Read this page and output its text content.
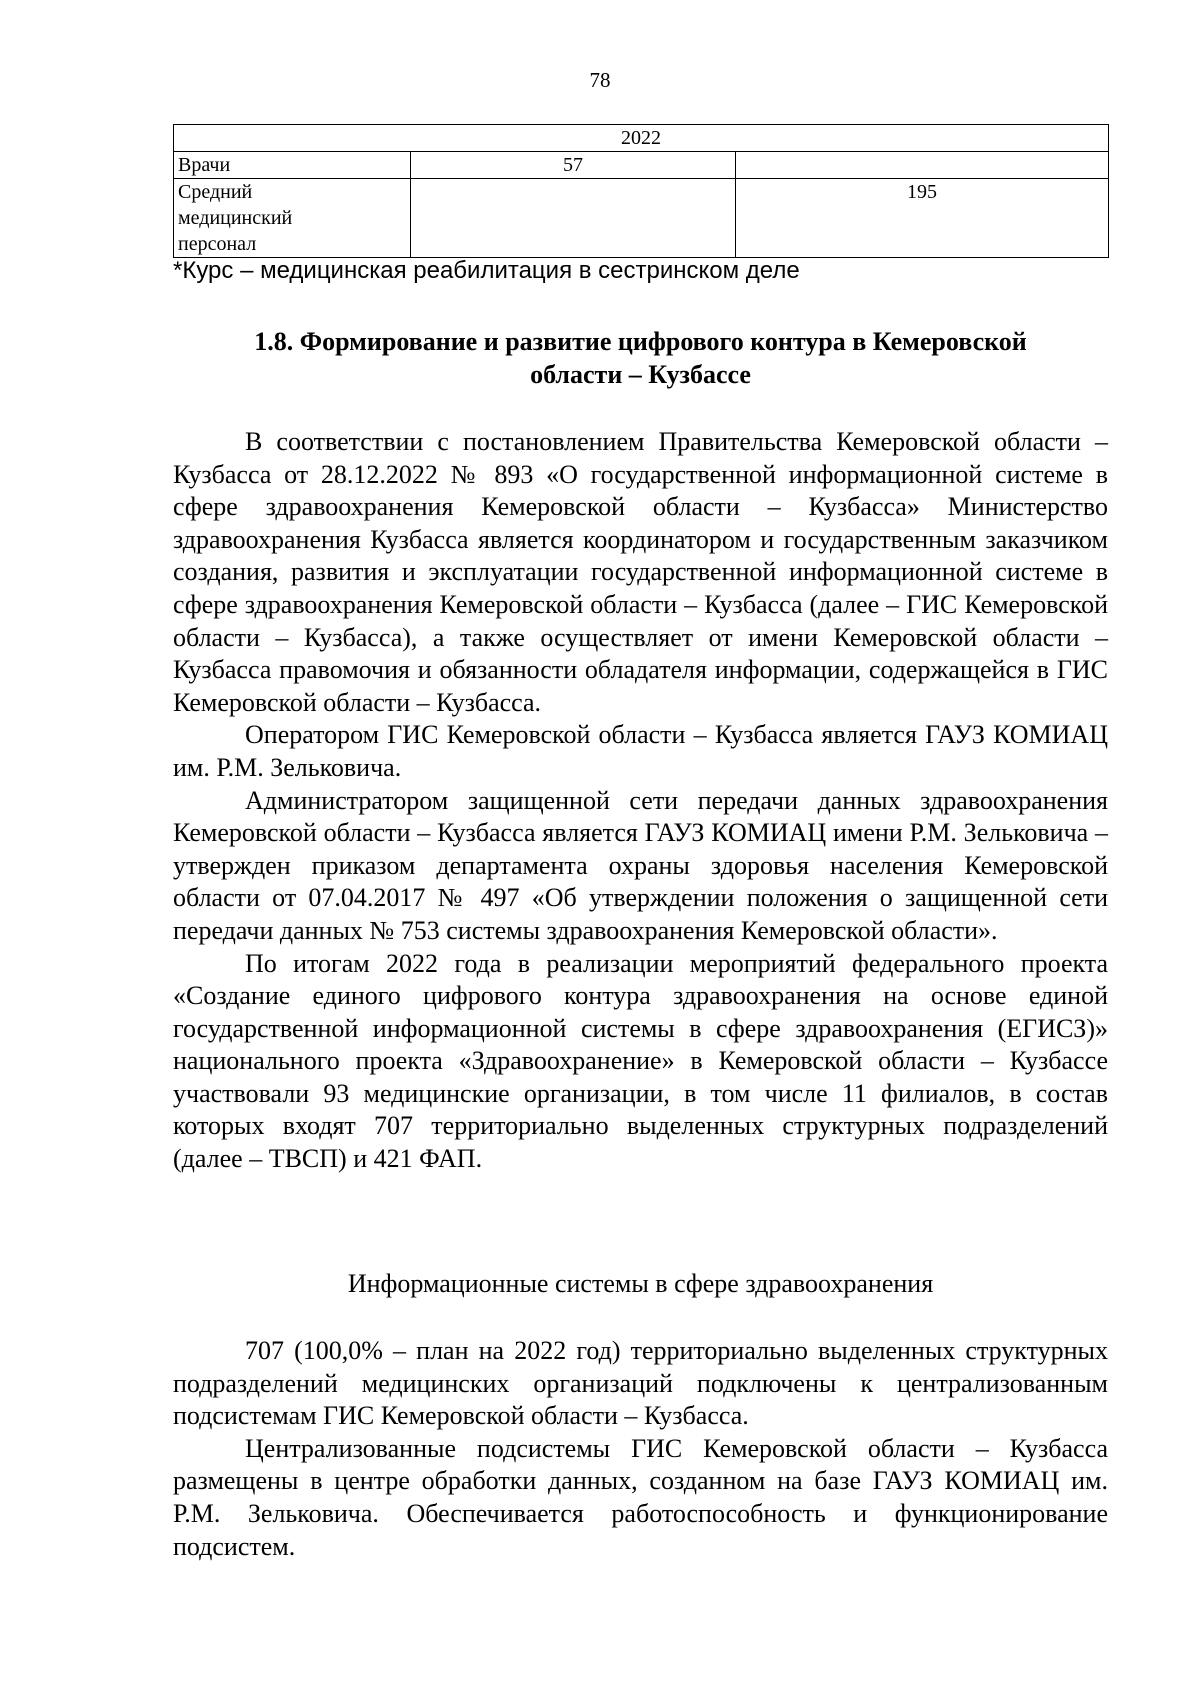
78
2022		
Врачи	57	
Средний медицинский персонал		195
*Курс – медицинская реабилитация в сестринском деле
1.8. Формирование и развитие цифрового контура в Кемеровской области – Кузбассе

В соответствии с постановлением Правительства Кемеровской области – Кузбасса от 28.12.2022 № 893 «О государственной информационной системе в сфере здравоохранения Кемеровской области – Кузбасса» Министерство здравоохранения Кузбасса является координатором и государственным заказчиком создания, развития и эксплуатации государственной информационной системе в сфере здравоохранения Кемеровской области – Кузбасса (далее – ГИС Кемеровской области – Кузбасса), а также осуществляет от имени Кемеровской области – Кузбасса правомочия и обязанности обладателя информации, содержащейся в ГИС Кемеровской области – Кузбасса.

Оператором ГИС Кемеровской области – Кузбасса является ГАУЗ КОМИАЦ им. Р.М. Зельковича.

Администратором защищенной сети передачи данных здравоохранения Кемеровской области – Кузбасса является ГАУЗ КОМИАЦ имени Р.М. Зельковича – утвержден приказом департамента охраны здоровья населения Кемеровской области от 07.04.2017 № 497 «Об утверждении положения о защищенной сети передачи данных № 753 системы здравоохранения Кемеровской области».

По итогам 2022 года в реализации мероприятий федерального проекта «Создание единого цифрового контура здравоохранения на основе единой государственной информационной системы в сфере здравоохранения (ЕГИСЗ)» национального проекта «Здравоохранение» в Кемеровской области – Кузбассе участвовали 93 медицинские организации, в том числе 11 филиалов, в состав которых входят 707 территориально выделенных структурных подразделений (далее – ТВСП) и 421 ФАП.

Информационные системы в сфере здравоохранения

707 (100,0% – план на 2022 год) территориально выделенных структурных подразделений медицинских организаций подключены к централизованным подсистемам ГИС Кемеровской области – Кузбасса.

Централизованные подсистемы ГИС Кемеровской области – Кузбасса размещены в центре обработки данных, созданном на базе ГАУЗ КОМИАЦ им. Р.М. Зельковича. Обеспечивается работоспособность и функционирование подсистем.
